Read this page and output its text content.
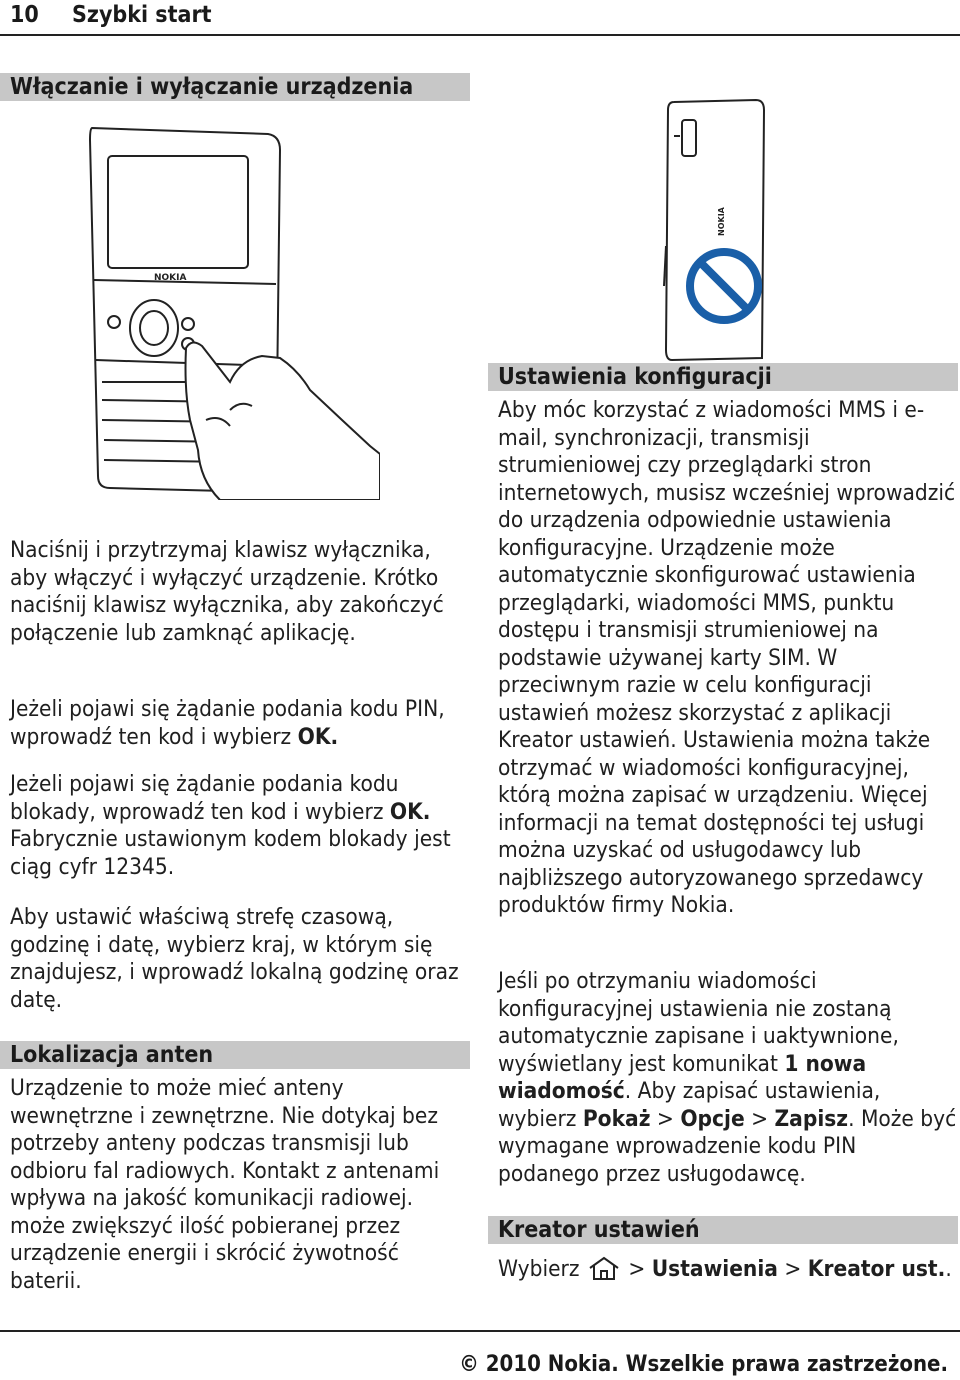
10 Szybki start
Włączanie i wyłączanie urządzenia
NOKIA

Naciśnij i przytrzymaj klawisz wyłącznika, aby włączyć i wyłączyć urządzenie. Krótko naciśnij klawisz wyłącznika, aby zakończyć połączenie lub zamknąć aplikację.

Jeżeli pojawi się żądanie podania kodu PIN, wprowadź ten kod i wybierz OK.

Jeżeli pojawi się żądanie podania kodu blokady, wprowadź ten kod i wybierz OK. Fabrycznie ustawionym kodem blokady jest ciąg cyfr 12345.

Aby ustawić właściwą strefę czasową, godzinę i datę, wybierz kraj, w którym się znajdujesz, i wprowadź lokalną godzinę oraz datę.

Lokalizacja anten

Urządzenie to może mieć anteny wewnętrzne i zewnętrzne. Nie dotykaj bez potrzeby anteny podczas transmisji lub odbioru fal radiowych. Kontakt z antenami wpływa na jakość komunikacji radiowej. może zwiększyć ilość pobieranej przez urządzenie energii i skrócić żywotność baterii.

NOKIA
Ustawienia konfiguracji

Aby móc korzystać z wiadomości MMS i e-mail, synchronizacji, transmisji strumieniowej czy przeglądarki stron internetowych, musisz wcześniej wprowadzić do urządzenia odpowiednie ustawienia konfiguracyjne. Urządzenie może automatycznie skonfigurować ustawienia przeglądarki, wiadomości MMS, punktu dostępu i transmisji strumieniowej na podstawie używanej karty SIM. W przeciwnym razie w celu konfiguracji ustawień możesz skorzystać z aplikacji Kreator ustawień. Ustawienia można także otrzymać w wiadomości konfiguracyjnej, którą można zapisać w urządzeniu. Więcej informacji na temat dostępności tej usługi można uzyskać od usługodawcy lub najbliższego autoryzowanego sprzedawcy produktów firmy Nokia.

Jeśli po otrzymaniu wiadomości konfiguracyjnej ustawienia nie zostaną automatycznie zapisane i uaktywnione, wyświetlany jest komunikat 1 nowa wiadomość. Aby zapisać ustawienia, wybierz Pokaż > Opcje > Zapisz. Może być wymagane wprowadzenie kodu PIN podanego przez usługodawcę.

Kreator ustawień

Wybierz  > Ustawienia > Kreator ust..

© 2010 Nokia. Wszelkie prawa zastrzeżone.
